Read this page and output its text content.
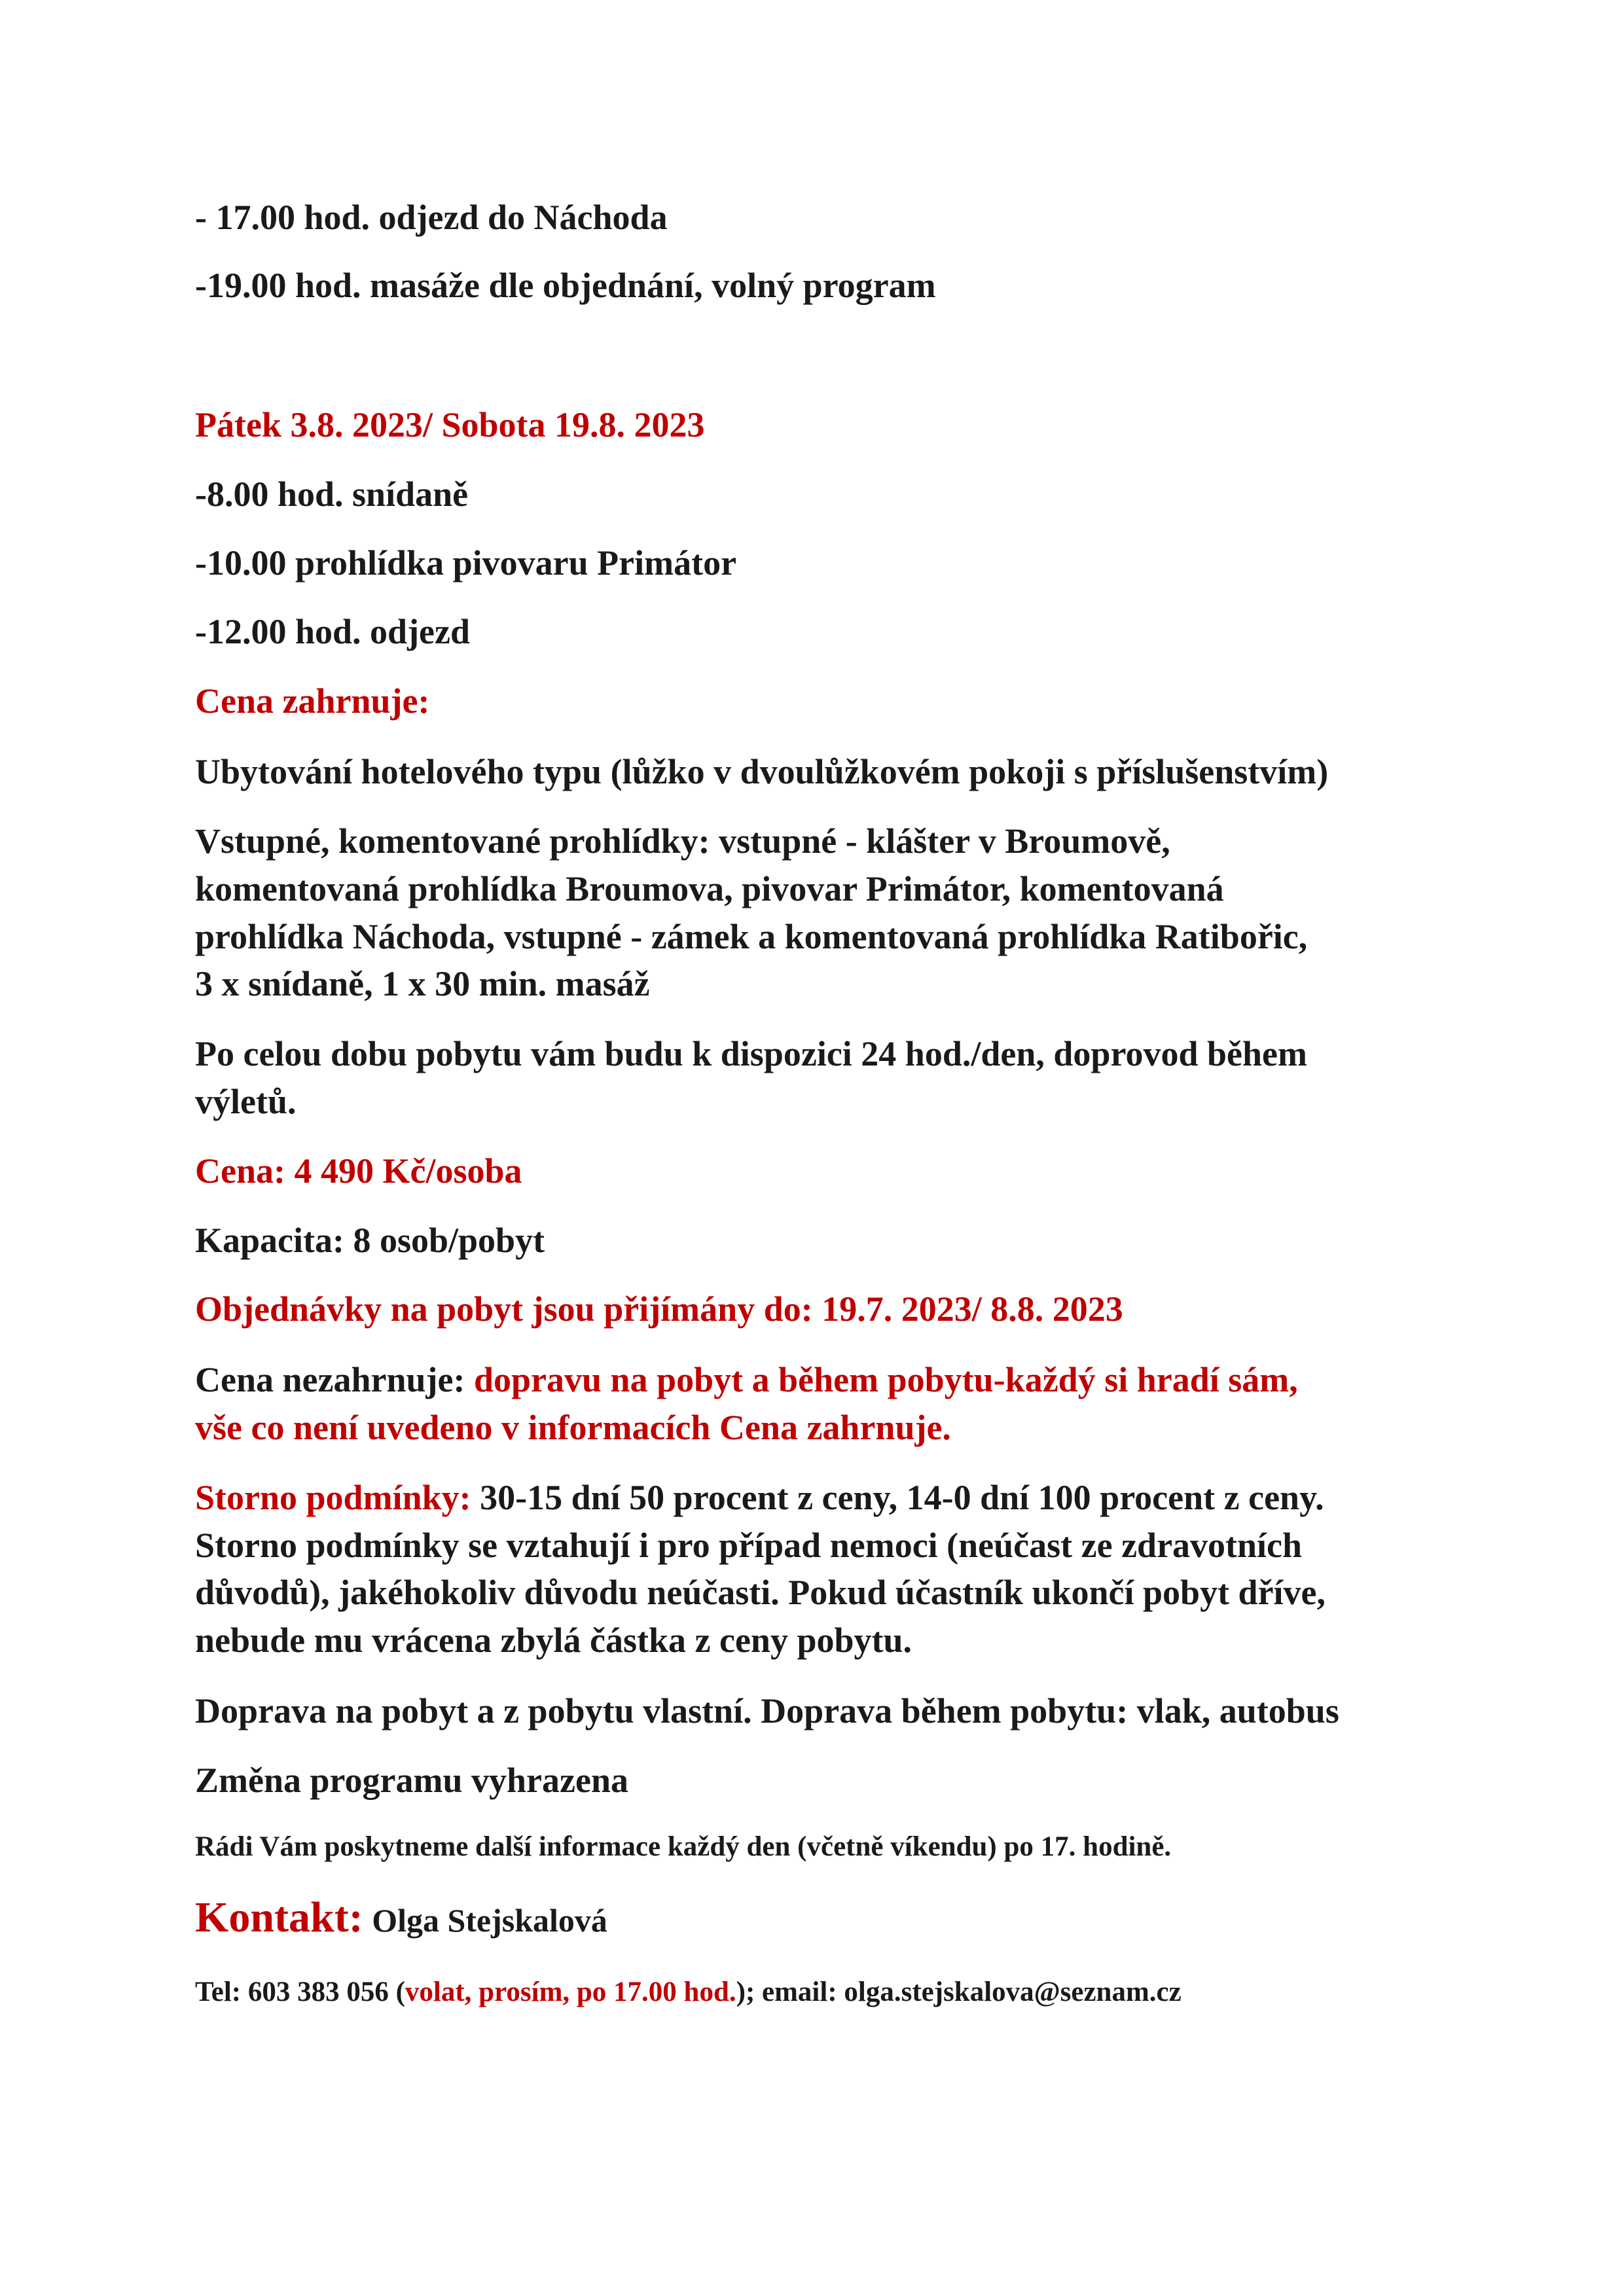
- 17.00 hod. odjezd do Náchoda

-19.00 hod. masáže dle objednání, volný program

Pátek 3.8. 2023/ Sobota 19.8. 2023

-8.00 hod. snídaně

-10.00 prohlídka pivovaru Primátor

-12.00 hod. odjezd

Cena zahrnuje:

Ubytování hotelového typu (lůžko v dvoulůžkovém pokoji s příslušenstvím)

Vstupné, komentované prohlídky: vstupné - klášter v Broumově,

komentovaná prohlídka Broumova, pivovar Primátor, komentovaná

prohlídka Náchoda, vstupné - zámek a komentovaná prohlídka Ratibořic,

3 x snídaně, 1 x 30 min. masáž

Po celou dobu pobytu vám budu k dispozici 24 hod./den, doprovod během

výletů.

Cena: 4 490 Kč/osoba

Kapacita: 8 osob/pobyt

Objednávky na pobyt jsou přijímány do: 19.7. 2023/ 8.8. 2023

Cena nezahrnuje: dopravu na pobyt a během pobytu-každý si hradí sám,

vše co není uvedeno v informacích Cena zahrnuje.

Storno podmínky: 30-15 dní 50 procent z ceny, 14-0 dní 100 procent z ceny.

Storno podmínky se vztahují i pro případ nemoci (neúčast ze zdravotních

důvodů), jakéhokoliv důvodu neúčasti. Pokud účastník ukončí pobyt dříve,

nebude mu vrácena zbylá částka z ceny pobytu.

Doprava na pobyt a z pobytu vlastní. Doprava během pobytu: vlak, autobus

Změna programu vyhrazena

Rádi Vám poskytneme další informace každý den (včetně víkendu) po 17. hodině.

Kontakt: Olga Stejskalová

Tel: 603 383 056 (volat, prosím, po 17.00 hod.); email: olga.stejskalova@seznam.cz
